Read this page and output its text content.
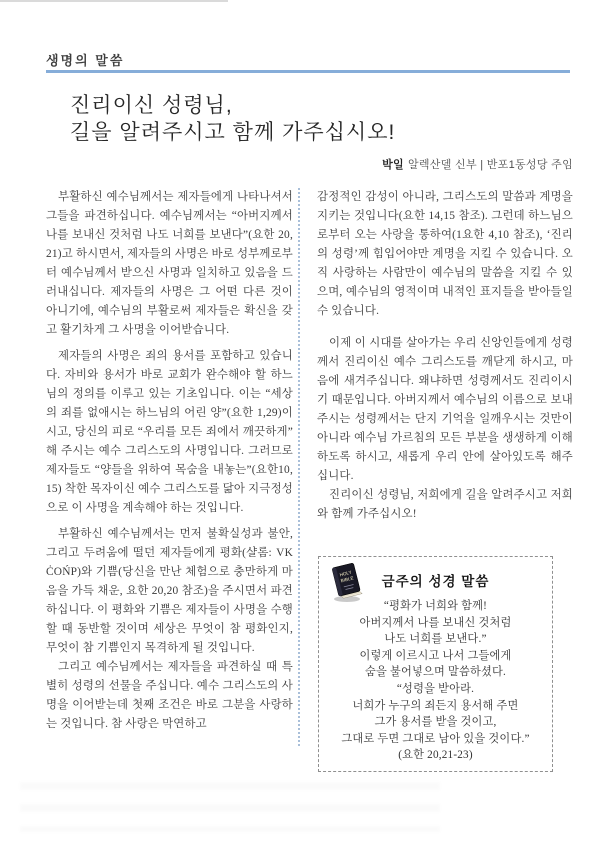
생명의 말씀
진리이신 성령님,
길을 알려주시고 함께 가주십시오!
박일 알렉산델 신부 | 반포1동성당 주임

부활하신 예수님께서는 제자들에게 나타나셔서 그들을 파견하십니다. 예수님께서는 “아버지께서 나를 보내신 것처럼 나도 너희를 보낸다”(요한 20,21)고 하시면서, 제자들의 사명은 바로 성부께로부터 예수님께서 받으신 사명과 일치하고 있음을 드러내십니다. 제자들의 사명은 그 어떤 다른 것이 아니기에, 예수님의 부활로써 제자들은 확신을 갖고 활기차게 그 사명을 이어받습니다.

제자들의 사명은 죄의 용서를 포함하고 있습니다. 자비와 용서가 바로 교회가 완수해야 할 하느님의 정의를 이루고 있는 기초입니다. 이는 “세상의 죄를 없애시는 하느님의 어린 양”(요한 1,29)이시고, 당신의 피로 “우리를 모든 죄에서 깨끗하게” 해 주시는 예수 그리스도의 사명입니다. 그러므로 제자들도 “양들을 위하여 목숨을 내놓는”(요한10,15) 착한 목자이신 예수 그리스도를 닮아 지극정성으로 이 사명을 계속해야 하는 것입니다.

부활하신 예수님께서는 먼저 불확실성과 불안, 그리고 두려움에 떨던 제자들에게 평화(샬롬: VKĊOŃP)와 기쁨(당신을 만난 체험으로 충만하게 마음을 가득 채운, 요한 20,20 참조)을 주시면서 파견하십니다. 이 평화와 기쁨은 제자들이 사명을 수행할 때 동반할 것이며 세상은 무엇이 참 평화인지, 무엇이 참 기쁨인지 목격하게 될 것입니다.

그리고 예수님께서는 제자들을 파견하실 때 특별히 성령의 선물을 주십니다. 예수 그리스도의 사명을 이어받는데 첫째 조건은 바로 그분을 사랑하는 것입니다. 참 사랑은 막연하고

감정적인 감성이 아니라, 그리스도의 말씀과 계명을 지키는 것입니다(요한 14,15 참조). 그런데 하느님으로부터 오는 사랑을 통하여(1요한 4,10 참조), ‘진리의 성령’께 힘입어야만 계명을 지킬 수 있습니다. 오직 사랑하는 사람만이 예수님의 말씀을 지킬 수 있으며, 예수님의 영적이며 내적인 표지들을 받아들일 수 있습니다.

이제 이 시대를 살아가는 우리 신앙인들에게 성령께서 진리이신 예수 그리스도를 깨닫게 하시고, 마음에 새겨주십니다. 왜냐하면 성령께서도 진리이시기 때문입니다. 아버지께서 예수님의 이름으로 보내주시는 성령께서는 단지 기억을 일깨우시는 것만이 아니라 예수님 가르침의 모든 부분을 생생하게 이해하도록 하시고, 새롭게 우리 안에 살아있도록 해주십니다.

진리이신 성령님, 저희에게 길을 알려주시고 저희와 함께 가주십시오!

HOLY
BIBLE	금주의 성경 말씀
“평화가 너희와 함께!
아버지께서 나를 보내신 것처럼
나도 너희를 보낸다.”
이렇게 이르시고 나서 그들에게
숨을 불어넣으며 말씀하셨다.
“성령을 받아라.
너희가 누구의 죄든지 용서해 주면
그가 용서를 받을 것이고,
그대로 두면 그대로 남아 있을 것이다.”
(요한 20,21-23)
